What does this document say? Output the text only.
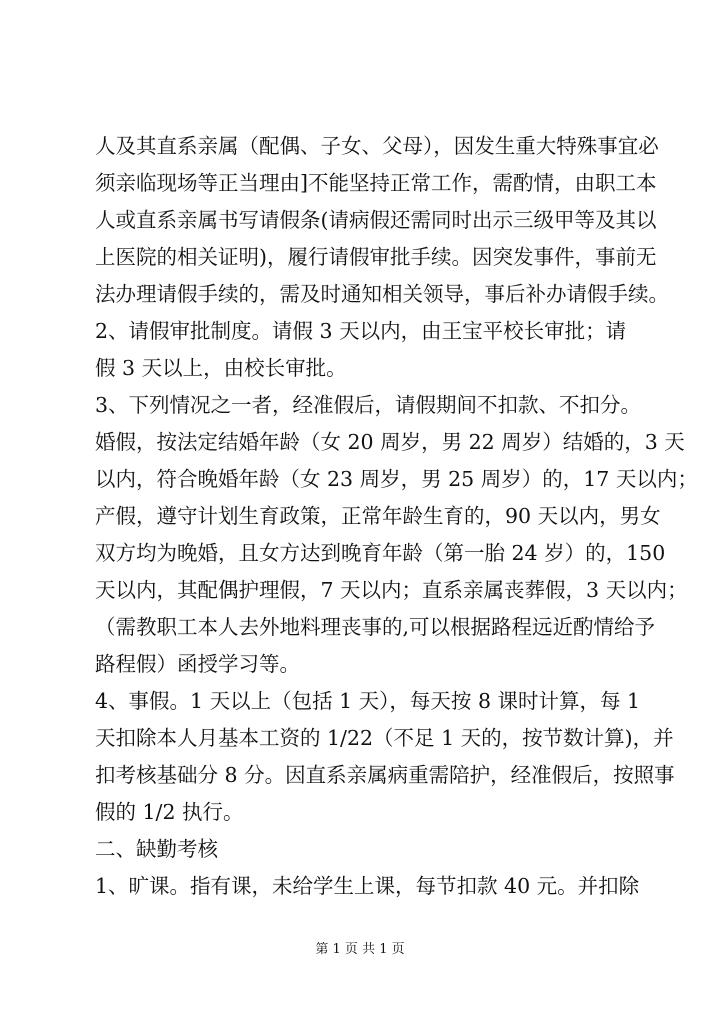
人及其直系亲属（配偶、子女、父母），因发生重大特殊事宜必
须亲临现场等正当理由]不能坚持正常工作，需酌情，由职工本
人或直系亲属书写请假条(请病假还需同时出示三级甲等及其以
上医院的相关证明)，履行请假审批手续。因突发事件，事前无
法办理请假手续的，需及时通知相关领导，事后补办请假手续。
2、请假审批制度。请假 3 天以内，由王宝平校长审批；请
假 3 天以上，由校长审批。
3、下列情况之一者，经准假后，请假期间不扣款、不扣分。
婚假，按法定结婚年龄（女 20 周岁，男 22 周岁）结婚的，3 天
以内，符合晚婚年龄（女 23 周岁，男 25 周岁）的，17 天以内；
产假，遵守计划生育政策，正常年龄生育的，90 天以内，男女
双方均为晚婚，且女方达到晚育年龄（第一胎 24 岁）的，150
天以内，其配偶护理假，7 天以内；直系亲属丧葬假，3 天以内；
（需教职工本人去外地料理丧事的,可以根据路程远近酌情给予
路程假）函授学习等。
4、事假。1 天以上（包括 1 天），每天按 8 课时计算，每 1
天扣除本人月基本工资的 1/22（不足 1 天的，按节数计算)，并
扣考核基础分 8 分。因直系亲属病重需陪护，经准假后，按照事
假的 1/2 执行。
二、缺勤考核
1、旷课。指有课，未给学生上课，每节扣款 40 元。并扣除
第 1 页 共 1 页
